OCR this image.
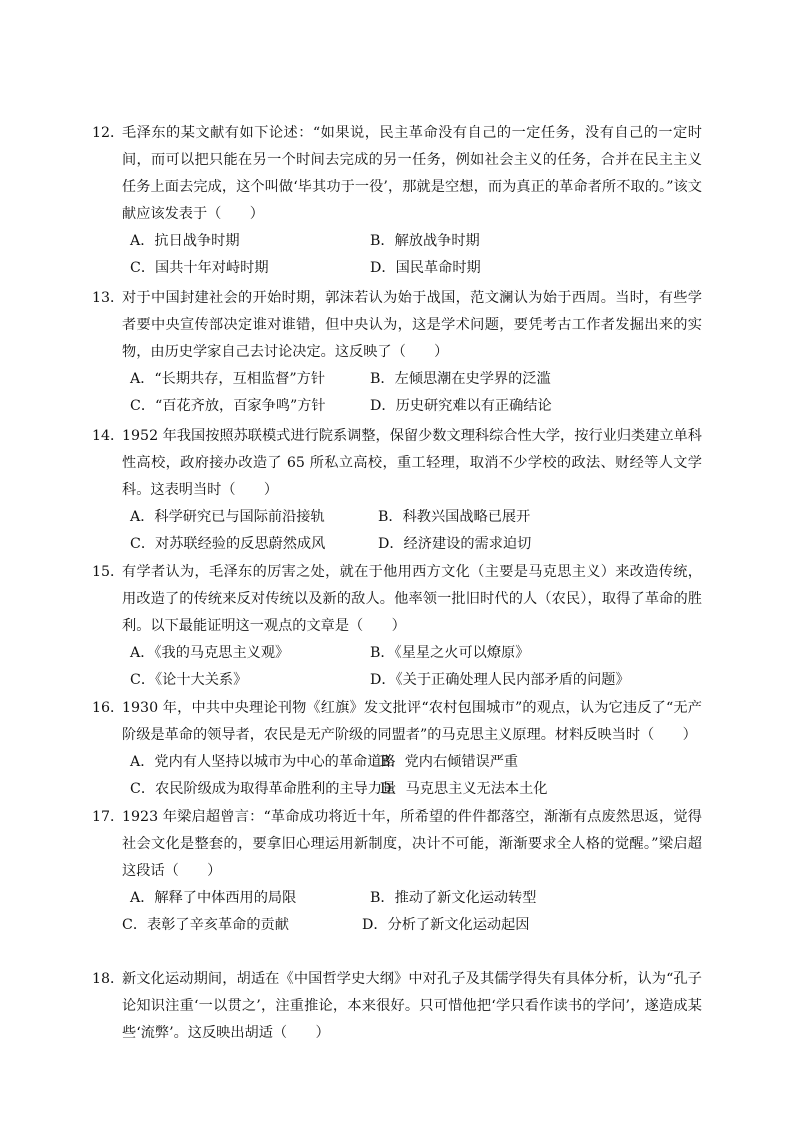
12．
毛泽东的某文献有如下论述：“如果说，民主革命没有自己的一定任务，没有自己的一定时间，而可以把只能在另一个时间去完成的另一任务，例如社会主义的任务，合并在民主主义任务上面去完成，这个叫做‘毕其功于一役’，那就是空想，而为真正的革命者所不取的。”该文献应该发表于（　　）
A．抗日战争时期	B．解放战争时期
C．国共十年对峙时期	D．国民革命时期
13．
对于中国封建社会的开始时期，郭沫若认为始于战国，范文澜认为始于西周。当时，有些学者要中央宣传部决定谁对谁错，但中央认为，这是学术问题，要凭考古工作者发掘出来的实物，由历史学家自己去讨论决定。这反映了（　　）
A．“长期共存，互相监督”方针	B．左倾思潮在史学界的泛滥
C．“百花齐放，百家争鸣”方针	D．历史研究难以有正确结论
14．
1952 年我国按照苏联模式进行院系调整，保留少数文理科综合性大学，按行业归类建立单科性高校，政府接办改造了 65 所私立高校，重工轻理，取消不少学校的政法、财经等人文学科。这表明当时（　　）
A．科学研究已与国际前沿接轨	B．科教兴国战略已展开
C．对苏联经验的反思蔚然成风	D．经济建设的需求迫切
15．
有学者认为，毛泽东的厉害之处，就在于他用西方文化（主要是马克思主义）来改造传统，用改造了的传统来反对传统以及新的敌人。他率领一批旧时代的人（农民），取得了革命的胜利。以下最能证明这一观点的文章是（　　）
A．《我的马克思主义观》	B．《星星之火可以燎原》
C．《论十大关系》	D．《关于正确处理人民内部矛盾的问题》
16．
1930 年，中共中央理论刊物《红旗》发文批评“农村包围城市”的观点，认为它违反了“无产阶级是革命的领导者，农民是无产阶级的同盟者”的马克思主义原理。材料反映当时（　　）
A．党内有人坚持以城市为中心的革命道路
B．党内右倾错误严重
C．农民阶级成为取得革命胜利的主导力量
D．马克思主义无法本土化
17．
1923 年梁启超曾言：“革命成功将近十年，所希望的件件都落空，渐渐有点废然思返，觉得社会文化是整套的，要拿旧心理运用新制度，决计不可能，渐渐要求全人格的觉醒。”梁启超这段话（　　）
A．解释了中体西用的局限	B．推动了新文化运动转型
C．表彰了辛亥革命的贡献	D．分析了新文化运动起因
18．
新文化运动期间，胡适在《中国哲学史大纲》中对孔子及其儒学得失有具体分析，认为“孔子论知识注重‘一以贯之’，注重推论，本来很好。只可惜他把‘学只看作读书的学问’，遂造成某些‘流弊’。这反映出胡适（　　）
